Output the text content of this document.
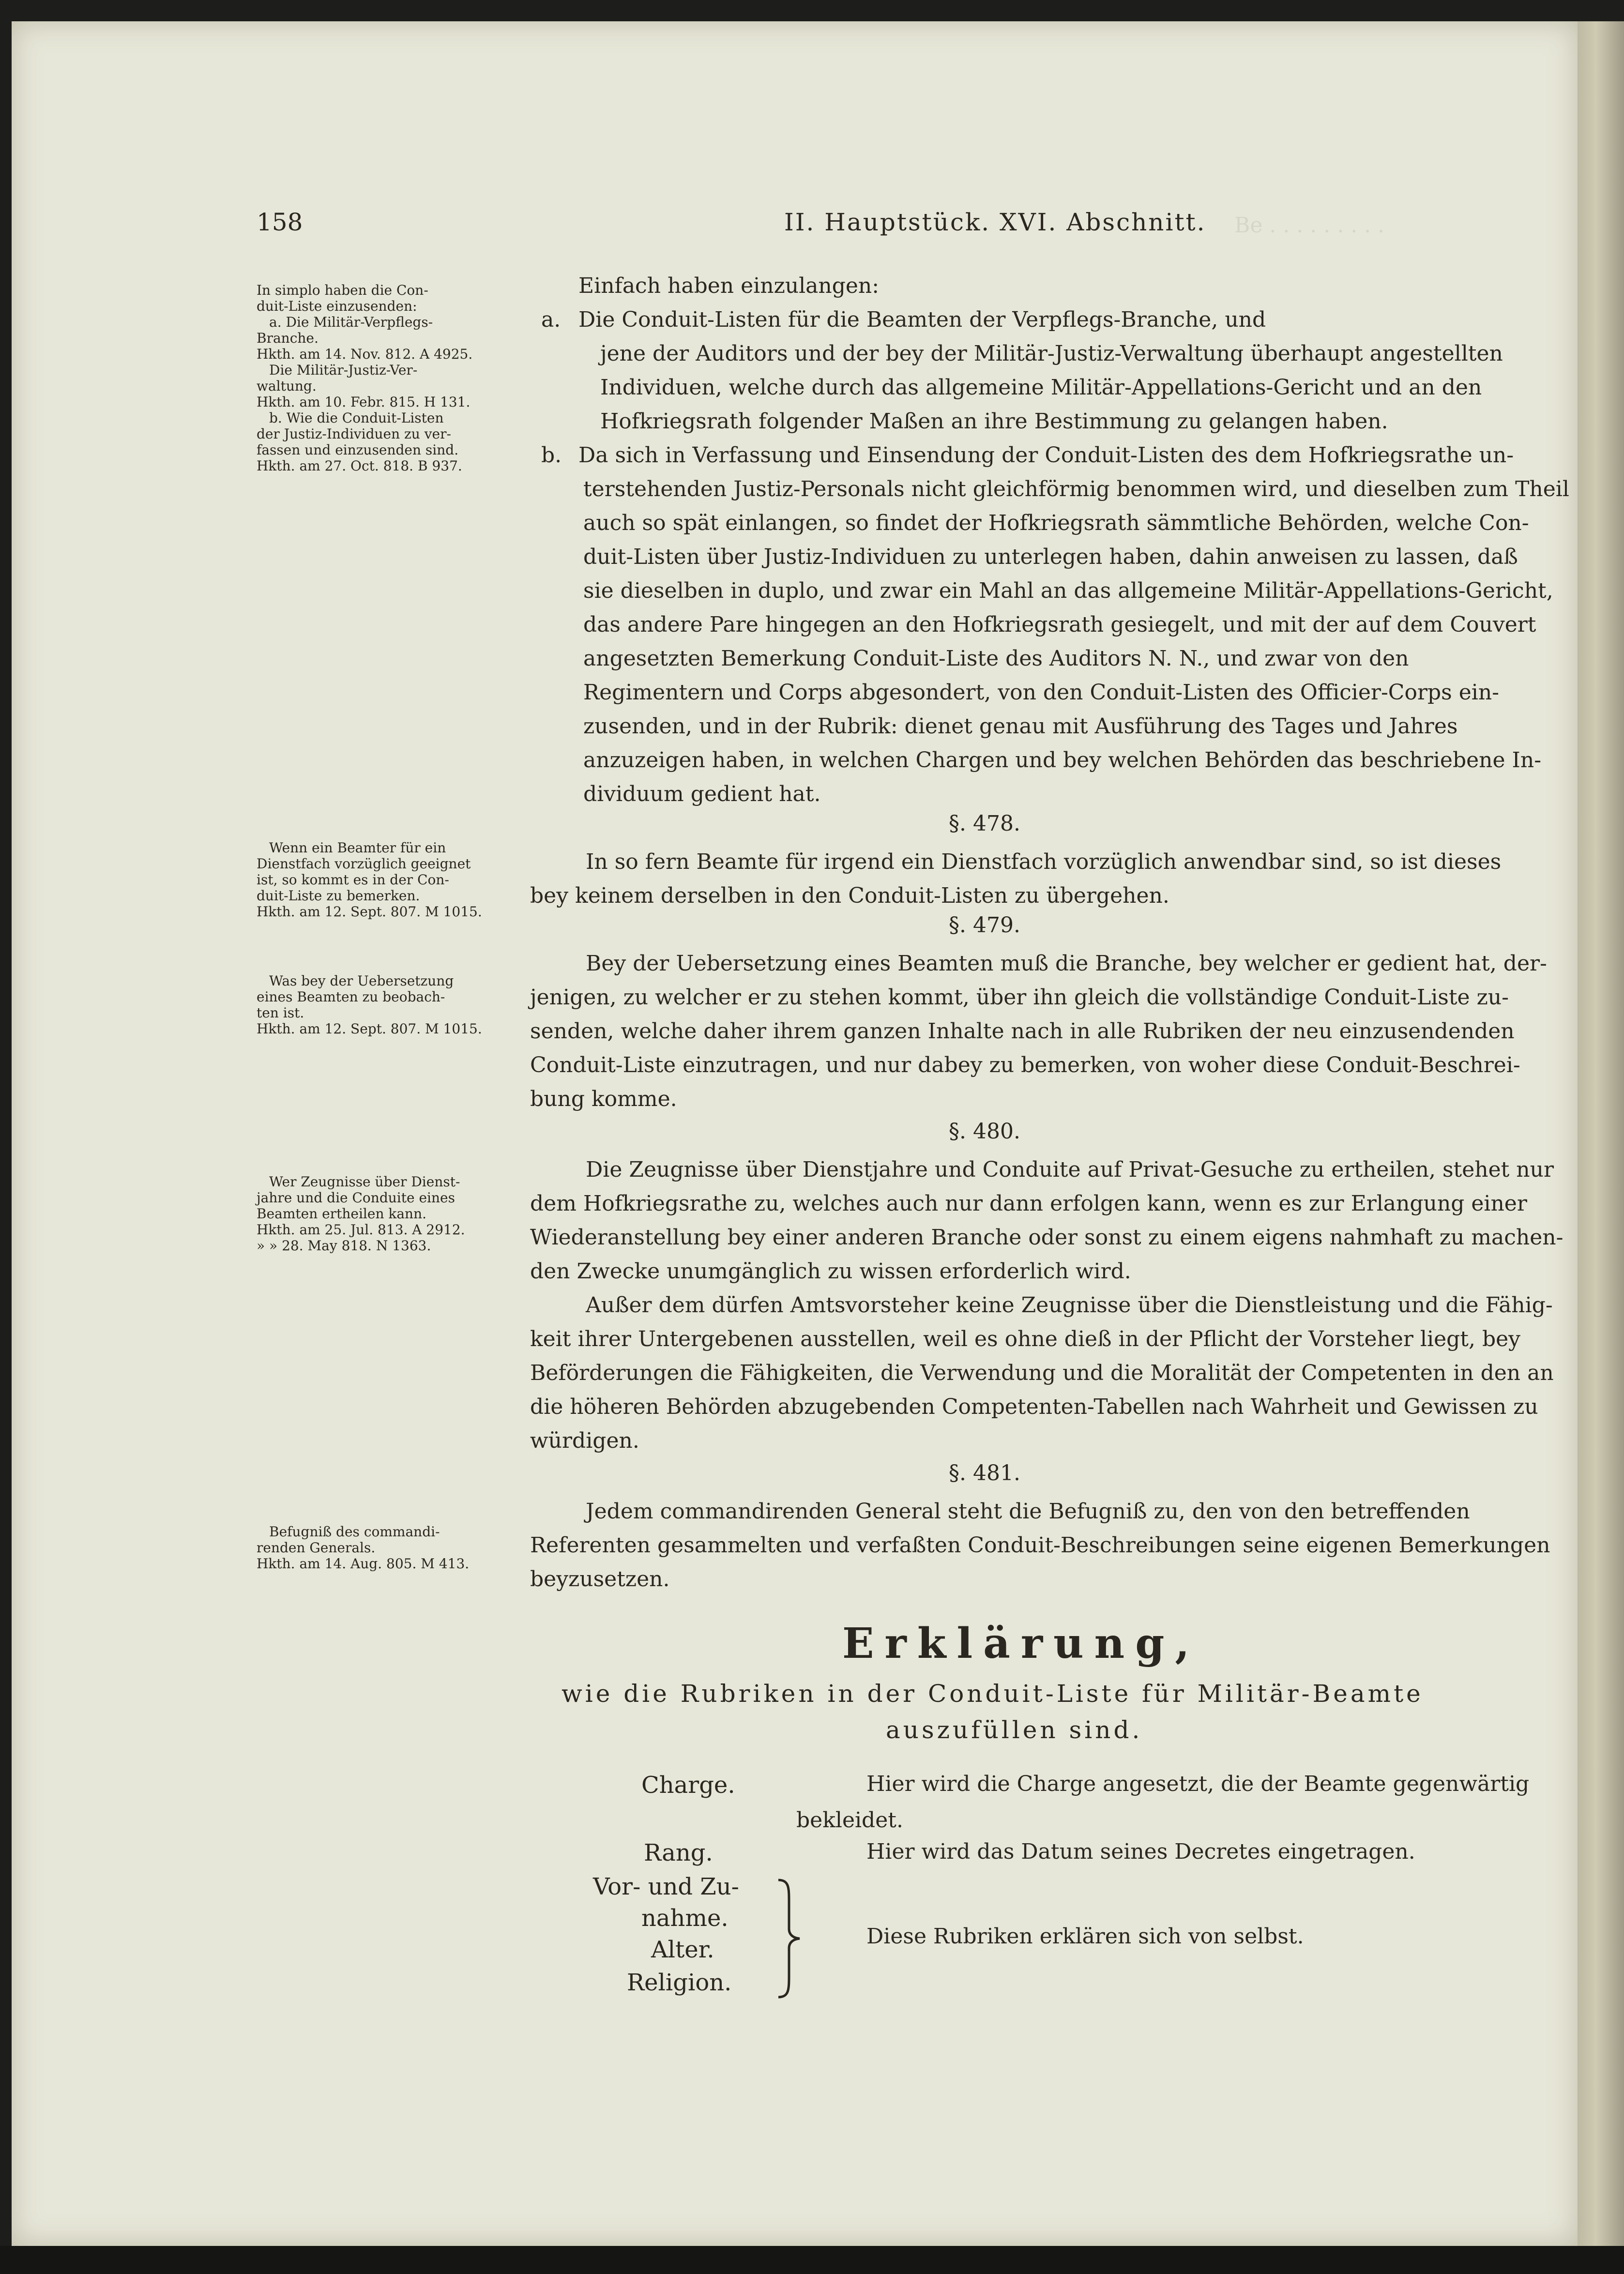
Be . . . . . . . . .
158	II. Hauptstück. XVI. Abschnitt.

In simplo haben die Con-

duit-Liste einzusenden:

a. Die Militär-Verpflegs-

Branche.

Hkth. am 14. Nov. 812. A 4925.

Die Militär-Justiz-Ver-

waltung.

Hkth. am 10. Febr. 815. H 131.

b. Wie die Conduit-Listen

der Justiz-Individuen zu ver-

fassen und einzusenden sind.

Hkth. am 27. Oct. 818. B 937.

Wenn ein Beamter für ein

Dienstfach vorzüglich geeignet

ist, so kommt es in der Con-

duit-Liste zu bemerken.

Hkth. am 12. Sept. 807. M 1015.

Was bey der Uebersetzung

eines Beamten zu beobach-

ten ist.

Hkth. am 12. Sept. 807. M 1015.

Wer Zeugnisse über Dienst-

jahre und die Conduite eines

Beamten ertheilen kann.

Hkth. am 25. Jul. 813. A 2912.

» » 28. May 818. N 1363.

Befugniß des commandi-

renden Generals.

Hkth. am 14. Aug. 805. M 413.

Einfach haben einzulangen:
a. Die Conduit-Listen für die Beamten der Verpflegs-Branche, und
jene der Auditors und der bey der Militär-Justiz-Verwaltung überhaupt angestellten
Individuen, welche durch das allgemeine Militär-Appellations-Gericht und an den
Hofkriegsrath folgender Maßen an ihre Bestimmung zu gelangen haben.
b. Da sich in Verfassung und Einsendung der Conduit-Listen des dem Hofkriegsrathe un-
terstehenden Justiz-Personals nicht gleichförmig benommen wird, und dieselben zum Theil
auch so spät einlangen, so findet der Hofkriegsrath sämmtliche Behörden, welche Con-
duit-Listen über Justiz-Individuen zu unterlegen haben, dahin anweisen zu lassen, daß
sie dieselben in duplo, und zwar ein Mahl an das allgemeine Militär-Appellations-Gericht,
das andere Pare hingegen an den Hofkriegsrath gesiegelt, und mit der auf dem Couvert
angesetzten Bemerkung Conduit-Liste des Auditors N. N., und zwar von den
Regimentern und Corps abgesondert, von den Conduit-Listen des Officier-Corps ein-
zusenden, und in der Rubrik: dienet genau mit Ausführung des Tages und Jahres
anzuzeigen haben, in welchen Chargen und bey welchen Behörden das beschriebene In-
dividuum gedient hat.
§. 478.
In so fern Beamte für irgend ein Dienstfach vorzüglich anwendbar sind, so ist dieses
bey keinem derselben in den Conduit-Listen zu übergehen.
§. 479.
Bey der Uebersetzung eines Beamten muß die Branche, bey welcher er gedient hat, der-
jenigen, zu welcher er zu stehen kommt, über ihn gleich die vollständige Conduit-Liste zu-
senden, welche daher ihrem ganzen Inhalte nach in alle Rubriken der neu einzusendenden
Conduit-Liste einzutragen, und nur dabey zu bemerken, von woher diese Conduit-Beschrei-
bung komme.
§. 480.
Die Zeugnisse über Dienstjahre und Conduite auf Privat-Gesuche zu ertheilen, stehet nur
dem Hofkriegsrathe zu, welches auch nur dann erfolgen kann, wenn es zur Erlangung einer
Wiederanstellung bey einer anderen Branche oder sonst zu einem eigens nahmhaft zu machen-
den Zwecke unumgänglich zu wissen erforderlich wird.
Außer dem dürfen Amtsvorsteher keine Zeugnisse über die Dienstleistung und die Fähig-
keit ihrer Untergebenen ausstellen, weil es ohne dieß in der Pflicht der Vorsteher liegt, bey
Beförderungen die Fähigkeiten, die Verwendung und die Moralität der Competenten in den an
die höheren Behörden abzugebenden Competenten-Tabellen nach Wahrheit und Gewissen zu
würdigen.
§. 481.
Jedem commandirenden General steht die Befugniß zu, den von den betreffenden
Referenten gesammelten und verfaßten Conduit-Beschreibungen seine eigenen Bemerkungen
beyzusetzen.
Erklärung,
wie die Rubriken in der Conduit-Liste für Militär-Beamte
auszufüllen sind.
Charge.	Hier wird die Charge angesetzt, die der Beamte gegenwärtig
bekleidet.
Rang.	Hier wird das Datum seines Decretes eingetragen.
Vor- und Zu-
nahme.
Alter.
Religion.
Diese Rubriken erklären sich von selbst.
